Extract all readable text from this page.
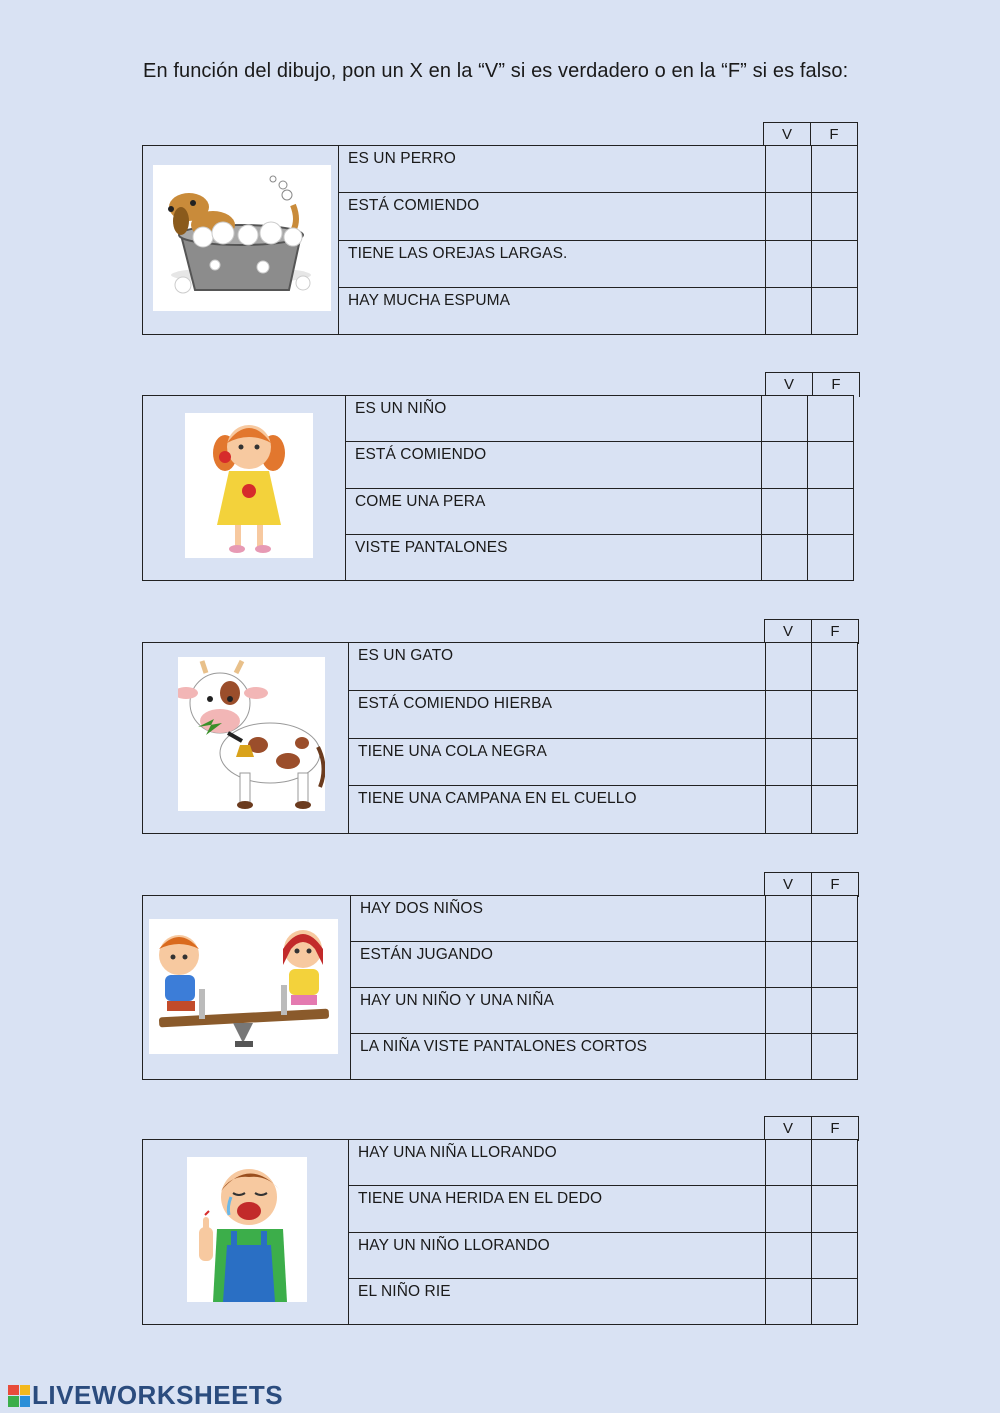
En función del dibujo, pon un X en la “V” si es verdadero o en la “F” si es falso:
V	F
ES UN PERRO
ESTÁ COMIENDO
TIENE LAS OREJAS LARGAS.
HAY MUCHA ESPUMA
V	F
ES UN NIÑO
ESTÁ COMIENDO
COME UNA PERA
VISTE PANTALONES
V	F
ES UN GATO
ESTÁ COMIENDO HIERBA
TIENE UNA COLA NEGRA
TIENE UNA CAMPANA EN EL CUELLO
V	F
HAY DOS NIÑOS
ESTÁN JUGANDO
HAY UN NIÑO Y UNA NIÑA
LA NIÑA VISTE PANTALONES CORTOS
V	F
HAY UNA NIÑA LLORANDO
TIENE UNA HERIDA EN EL DEDO
HAY UN NIÑO LLORANDO
EL NIÑO RIE
LIVEWORKSHEETS
